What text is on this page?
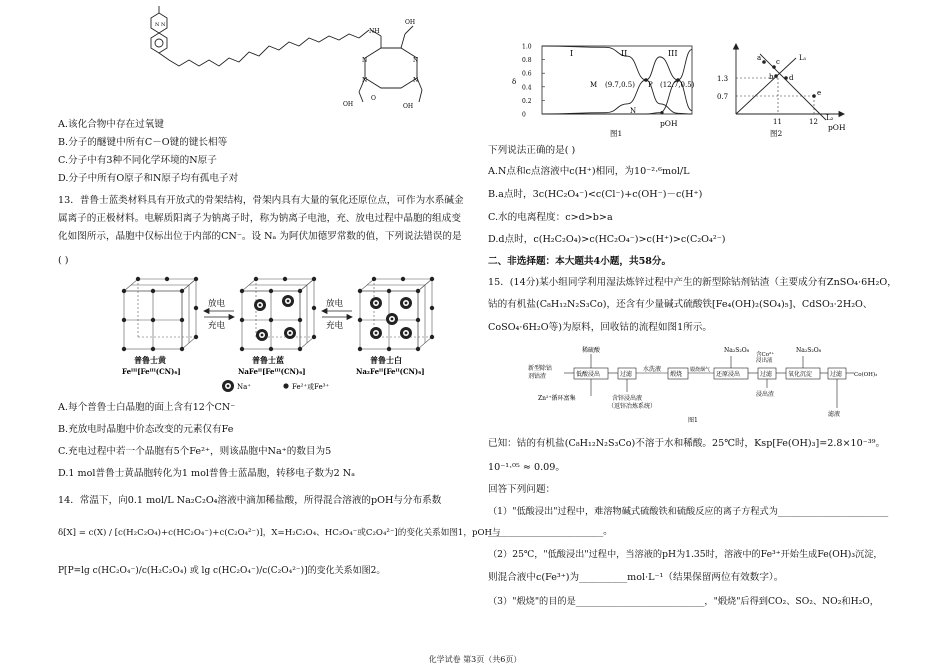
N N
NH
OH
OH	OH
N	N
N	N
O
A.该化合物中存在过氧键
B.分子的醚键中所有C－O键的键长相等
C.分子中有3种不同化学环境的N原子
D.分子中所有O原子和N原子均有孤电子对
13．普鲁士蓝类材料具有开放式的骨架结构，骨架内具有大量的氧化还原位点，可作为水系碱金
属离子的正极材料。电解质阳离子为钠离子时，称为钠离子电池，充、放电过程中晶胞的组成变
化如图所示，晶胞中仅标出位于内部的CN⁻。设 Nₐ 为阿伏加德罗常数的值，下列说法错误的是
( )
放电
充电
放电
充电
普鲁士黄	普鲁士蓝	普鲁士白
Feᴵᴵᴵ[Feᴵᴵᴵ(CN)₆]	NaFeᴵᴵ[Feᴵᴵᴵ(CN)₆]	Na₂Feᴵᴵ[Feᴵᴵ(CN)₆]
Na⁺	Fe²⁺或Fe³⁺
A.每个普鲁士白晶胞的面上含有12个CN⁻
B.充放电时晶胞中价态改变的元素仅有Fe
C.充电过程中若一个晶胞有5个Fe²⁺，则该晶胞中Na⁺的数目为5
D.1 mol普鲁士黄晶胞转化为1 mol普鲁士蓝晶胞，转移电子数为2 Nₐ
14．常温下，向0.1 mol/L Na₂C₂O₄溶液中滴加稀盐酸，所得混合溶液的pOH与分布系数
δ[X] = c(X) / [c(H₂C₂O₄)+c(HC₂O₄⁻)+c(C₂O₄²⁻)]，X=H₂C₂O₄、HC₂O₄⁻或C₂O₄²⁻]的变化关系如图1，pOH与
P[P=lg c(HC₂O₄⁻)/c(H₂C₂O₄) 或 lg c(HC₂O₄⁻)/c(C₂O₄²⁻)]的变化关系如图2。
1.0
0.8
0.6
0.4
0.2
0
δ
I	II	III
M (9.7,0.5) P (12.7,0.5)
N
pOH
图1
a
b
c
d
e
L₁
L₂
1.3
0.7
11	12
pOH
图2
下列说法正确的是( )
A.N点和c点溶液中c(H⁺)相同，为10⁻²·⁶mol/L
B.a点时，3c(HC₂O₄⁻)<c(Cl⁻)+c(OH⁻)－c(H⁺)
C.水的电离程度：c>d>b>a
D.d点时，c(H₂C₂O₄)>c(HC₂O₄⁻)>c(H⁺)>c(C₂O₄²⁻)
二、非选择题：本大题共4小题，共58分。
15．(14分)某小组同学利用湿法炼锌过程中产生的新型除钴剂钴渣（主要成分有ZnSO₄·6H₂O，
钴的有机盐(C₈H₁₂N₂S₃Co)，还含有少量碱式硫酸铁[Fe₄(OH)₂(SO₄)₅]、CdSO₃·2H₂O、
CoSO₄·6H₂O等)为原料，回收钴的流程如图1所示。
稀硫酸	Na₂S₂O₈
含Co²⁺
浸出液
Na₂S₂O₈
新型除钴
剂钴渣	低酸浸出	过滤
水洗液
煅烧
锻烧烟气
还原浸出	过滤	氧化沉淀	过滤 Co(OH)₃
Zn²⁺循环富集	含锌浸出液
（返锌冶炼系统）
浸出渣
滤液
图1
已知：钴的有机盐(C₈H₁₂N₂S₃Co)不溶于水和稀酸。25℃时，Ksp[Fe(OH)₃]=2.8×10⁻³⁹。
10⁻¹·⁰⁵ ≈ 0.09。
回答下列问题：
（1）"低酸浸出"过程中，难溶物碱式硫酸铁和硫酸反应的离子方程式为________________________
________________________。
（2）25℃，"低酸浸出"过程中，当溶液的pH为1.35时，溶液中的Fe³⁺开始生成Fe(OH)₃沉淀，
则混合液中c(Fe³⁺)为__________mol·L⁻¹（结果保留两位有效数字）。
（3）"煅烧"的目的是____________________________，"煅烧"后得到CO₂、SO₂、NO₂和H₂O，
化学试卷 第3页（共6页）
